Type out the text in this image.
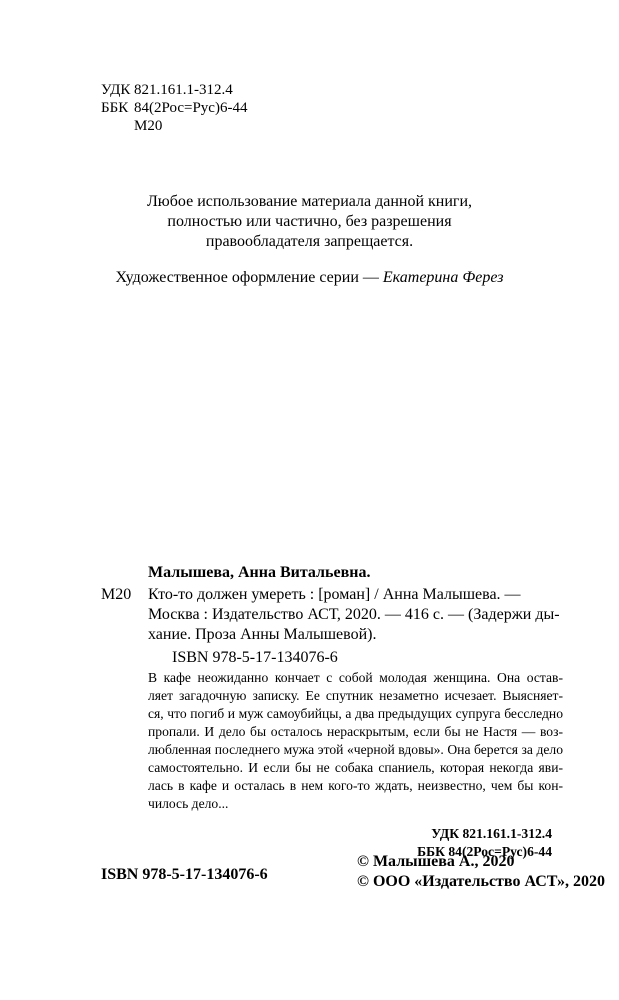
УДК 821.161.1-312.4
ББК 84(2Рос=Рус)6-44
М20
Любое использование материала данной книги,
полностью или частично, без разрешения
правообладателя запрещается.
Художественное оформление серии — Екатерина Ферез
Малышева, Анна Витальевна.
М20 Кто-то должен умереть : [роман] / Анна Малышева. —
Москва : Издательство АСТ, 2020. — 416 с. — (Задержи ды-
хание. Проза Анны Малышевой).
ISBN 978-5-17-134076-6
В кафе неожиданно кончает с собой молодая женщина. Она остав-
ляет загадочную записку. Ее спутник незаметно исчезает. Выясняет-
ся, что погиб и муж самоубийцы, а два предыдущих супруга бесследно
пропали. И дело бы осталось нераскрытым, если бы не Настя — воз-
любленная последнего мужа этой «черной вдовы». Она берется за дело
самостоятельно. И если бы не собака спаниель, которая некогда яви-
лась в кафе и осталась в нем кого-то ждать, неизвестно, чем бы кон-
чилось дело...
УДК 821.161.1-312.4
ББК 84(2Рос=Рус)6-44
ISBN 978-5-17-134076-6
© Малышева А., 2020
© ООО «Издательство АСТ», 2020
